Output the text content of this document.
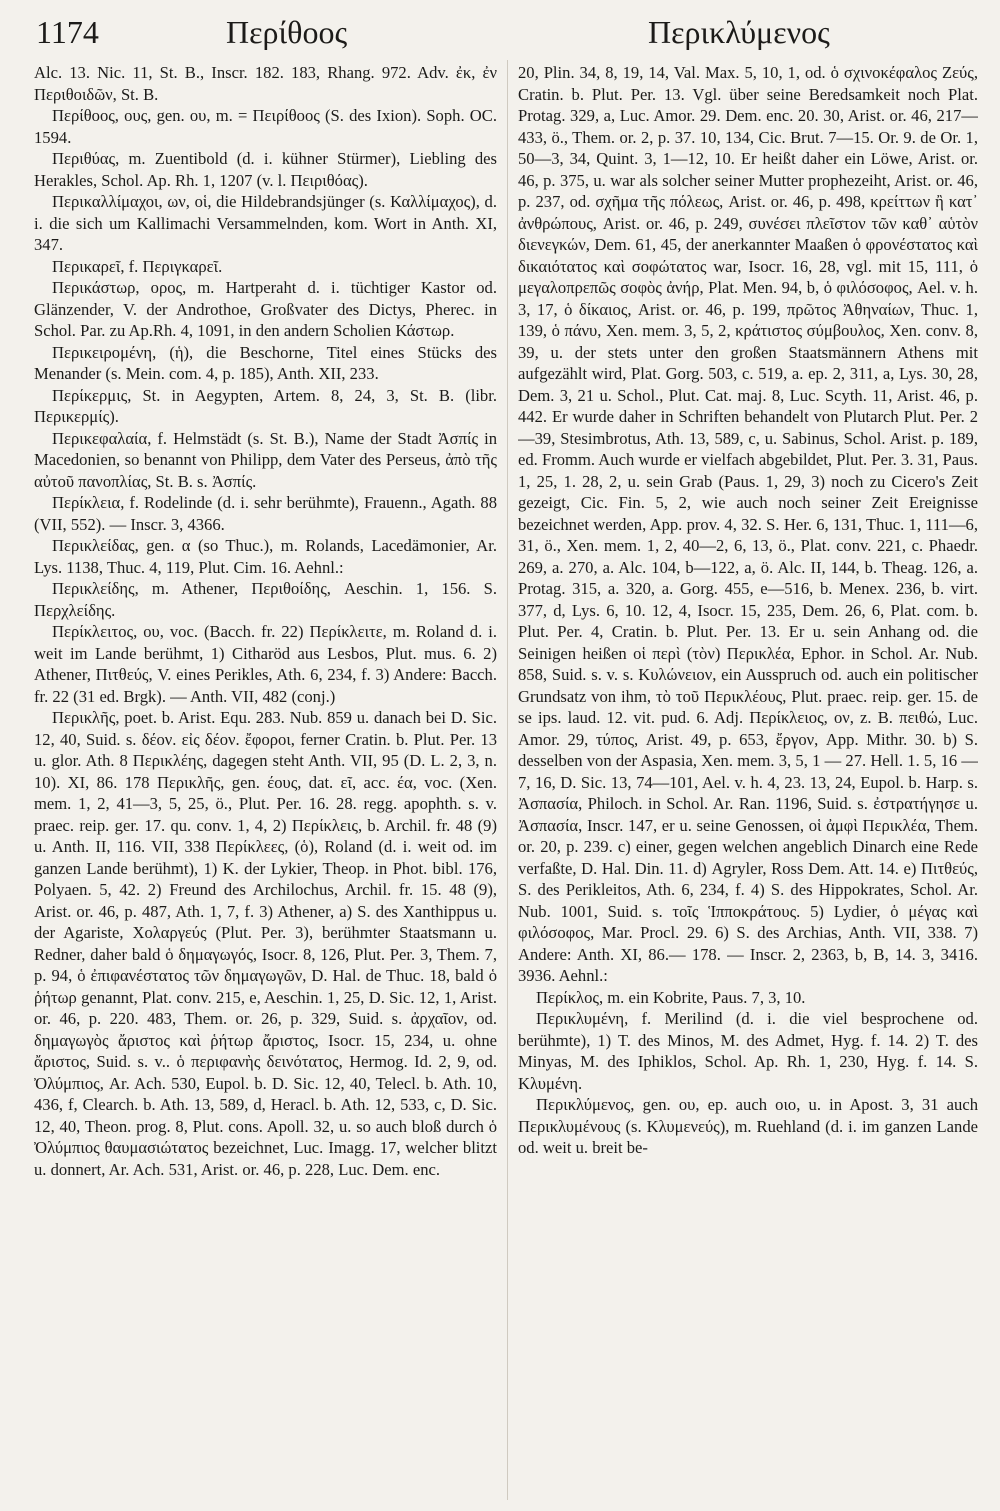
1174	Περίθοος	Περικλύμενος

Alc. 13. Nic. 11, St. B., Inscr. 182. 183, Rhang. 972. Adv. ἐκ, ἐν Περιθοιδῶν, St. B.

Περίθοος, ους, gen. ου, m. = Πειρίθοος (S. des Ixion). Soph. OC. 1594.

Περιθύας, m. Zuentibold (d. i. kühner Stürmer), Liebling des Herakles, Schol. Ap. Rh. 1, 1207 (v. l. Πειριθόας).

Περικαλλίμαχοι, ων, οἱ, die Hildebrandsjünger (s. Καλλίμαχος), d. i. die sich um Kallimachi Versammelnden, kom. Wort in Anth. XI, 347.

Περικαρεῖ, f. Περιγκαρεῖ.

Περικάστωρ, ορος, m. Hartperaht d. i. tüchtiger Kastor od. Glänzender, V. der Androthoe, Großvater des Dictys, Pherec. in Schol. Par. zu Ap.Rh. 4, 1091, in den andern Scholien Κάστωρ.

Περικειρομένη, (ἡ), die Beschorne, Titel eines Stücks des Menander (s. Mein. com. 4, p. 185), Anth. XII, 233.

Περίκερμις, St. in Aegypten, Artem. 8, 24, 3, St. B. (libr. Περικερμίς).

Περικεφαλαία, f. Helmstädt (s. St. B.), Name der Stadt Ἀσπίς in Macedonien, so benannt von Philipp, dem Vater des Perseus, ἀπὸ τῆς αὐτοῦ πανοπλίας, St. B. s. Ἀσπίς.

Περίκλεια, f. Rodelinde (d. i. sehr berühmte), Frauenn., Agath. 88 (VII, 552). — Inscr. 3, 4366.

Περικλείδας, gen. α (so Thuc.), m. Rolands, Lacedämonier, Ar. Lys. 1138, Thuc. 4, 119, Plut. Cim. 16. Aehnl.:

Περικλείδης, m. Athener, Περιθοίδης, Aeschin. 1, 156. S. Περχλείδης.

Περίκλειτος, ου, voc. (Bacch. fr. 22) Περίκλειτε, m. Roland d. i. weit im Lande berühmt, 1) Citharöd aus Lesbos, Plut. mus. 6. 2) Athener, Πιτθεύς, V. eines Perikles, Ath. 6, 234, f. 3) Andere: Bacch. fr. 22 (31 ed. Brgk). — Anth. VII, 482 (conj.)

Περικλῆς, poet. b. Arist. Equ. 283. Nub. 859 u. danach bei D. Sic. 12, 40, Suid. s. δέον. εἰς δέον. ἔφοροι, ferner Cratin. b. Plut. Per. 13 u. glor. Ath. 8 Περικλέης, dagegen steht Anth. VII, 95 (D. L. 2, 3, n. 10). XI, 86. 178 Περικλῆς, gen. έους, dat. εῖ, acc. έα, voc. (Xen. mem. 1, 2, 41—3, 5, 25, ö., Plut. Per. 16. 28. regg. apophth. s. v. praec. reip. ger. 17. qu. conv. 1, 4, 2) Περίκλεις, b. Archil. fr. 48 (9) u. Anth. II, 116. VII, 338 Περίκλεες, (ὁ), Roland (d. i. weit od. im ganzen Lande berühmt), 1) K. der Lykier, Theop. in Phot. bibl. 176, Polyaen. 5, 42. 2) Freund des Archilochus, Archil. fr. 15. 48 (9), Arist. or. 46, p. 487, Ath. 1, 7, f. 3) Athener, a) S. des Xanthippus u. der Agariste, Χολαργεύς (Plut. Per. 3), berühmter Staatsmann u. Redner, daher bald ὁ δημαγωγός, Isocr. 8, 126, Plut. Per. 3, Them. 7, p. 94, ὁ ἐπιφανέστατος τῶν δημαγωγῶν, D. Hal. de Thuc. 18, bald ὁ ῥήτωρ genannt, Plat. conv. 215, e, Aeschin. 1, 25, D. Sic. 12, 1, Arist. or. 46, p. 220. 483, Them. or. 26, p. 329, Suid. s. ἀρχαῖον, od. δημαγωγὸς ἄριστος καὶ ῥήτωρ ἄριστος, Isocr. 15, 234, u. ohne ἄριστος, Suid. s. v.. ὁ περιφανὴς δεινότατος, Hermog. Id. 2, 9, od. Ὀλύμπιος, Ar. Ach. 530, Eupol. b. D. Sic. 12, 40, Telecl. b. Ath. 10, 436, f, Clearch. b. Ath. 13, 589, d, Heracl. b. Ath. 12, 533, c, D. Sic. 12, 40, Theon. prog. 8, Plut. cons. Apoll. 32, u. so auch bloß durch ὁ Ὀλύμπιος θαυμασιώτατος bezeichnet, Luc. Imagg. 17, welcher blitzt u. donnert, Ar. Ach. 531, Arist. or. 46, p. 228, Luc. Dem. enc.

20, Plin. 34, 8, 19, 14, Val. Max. 5, 10, 1, od. ὁ σχινοκέφαλος Ζεύς, Cratin. b. Plut. Per. 13. Vgl. über seine Beredsamkeit noch Plat. Protag. 329, a, Luc. Amor. 29. Dem. enc. 20. 30, Arist. or. 46, 217—433, ö., Them. or. 2, p. 37. 10, 134, Cic. Brut. 7—15. Or. 9. de Or. 1, 50—3, 34, Quint. 3, 1—12, 10. Er heißt daher ein Löwe, Arist. or. 46, p. 375, u. war als solcher seiner Mutter prophezeiht, Arist. or. 46, p. 237, od. σχῆμα τῆς πόλεως, Arist. or. 46, p. 498, κρείττων ἢ κατ᾽ ἀνθρώπους, Arist. or. 46, p. 249, συνέσει πλεῖστον τῶν καθ᾽ αὑτὸν διενεγκών, Dem. 61, 45, der anerkannter Maaßen ὁ φρονέστατος καὶ δικαιότατος καὶ σοφώτατος war, Isocr. 16, 28, vgl. mit 15, 111, ὁ μεγαλοπρεπῶς σοφὸς ἀνήρ, Plat. Men. 94, b, ὁ φιλόσοφος, Ael. v. h. 3, 17, ὁ δίκαιος, Arist. or. 46, p. 199, πρῶτος Ἀθηναίων, Thuc. 1, 139, ὁ πάνυ, Xen. mem. 3, 5, 2, κράτιστος σύμβουλος, Xen. conv. 8, 39, u. der stets unter den großen Staatsmännern Athens mit aufgezählt wird, Plat. Gorg. 503, c. 519, a. ep. 2, 311, a, Lys. 30, 28, Dem. 3, 21 u. Schol., Plut. Cat. maj. 8, Luc. Scyth. 11, Arist. 46, p. 442. Er wurde daher in Schriften behandelt von Plutarch Plut. Per. 2—39, Stesimbrotus, Ath. 13, 589, c, u. Sabinus, Schol. Arist. p. 189, ed. Fromm. Auch wurde er vielfach abgebildet, Plut. Per. 3. 31, Paus. 1, 25, 1. 28, 2, u. sein Grab (Paus. 1, 29, 3) noch zu Cicero's Zeit gezeigt, Cic. Fin. 5, 2, wie auch noch seiner Zeit Ereignisse bezeichnet werden, App. prov. 4, 32. S. Her. 6, 131, Thuc. 1, 111—6, 31, ö., Xen. mem. 1, 2, 40—2, 6, 13, ö., Plat. conv. 221, c. Phaedr. 269, a. 270, a. Alc. 104, b—122, a, ö. Alc. II, 144, b. Theag. 126, a. Protag. 315, a. 320, a. Gorg. 455, e—516, b. Menex. 236, b. virt. 377, d, Lys. 6, 10. 12, 4, Isocr. 15, 235, Dem. 26, 6, Plat. com. b. Plut. Per. 4, Cratin. b. Plut. Per. 13. Er u. sein Anhang od. die Seinigen heißen οἱ περὶ (τὸν) Περικλέα, Ephor. in Schol. Ar. Nub. 858, Suid. s. v. s. Κυλώνειον, ein Ausspruch od. auch ein politischer Grundsatz von ihm, τὸ τοῦ Περικλέους, Plut. praec. reip. ger. 15. de se ips. laud. 12. vit. pud. 6. Adj. Περίκλειος, ον, z. B. πειθώ, Luc. Amor. 29, τύπος, Arist. 49, p. 653, ἔργον, App. Mithr. 30. b) S. desselben von der Aspasia, Xen. mem. 3, 5, 1 — 27. Hell. 1. 5, 16 — 7, 16, D. Sic. 13, 74—101, Ael. v. h. 4, 23. 13, 24, Eupol. b. Harp. s. Ἀσπασία, Philoch. in Schol. Ar. Ran. 1196, Suid. s. ἐστρατήγησε u. Ἀσπασία, Inscr. 147, er u. seine Genossen, οἱ ἀμφὶ Περικλέα, Them. or. 20, p. 239. c) einer, gegen welchen angeblich Dinarch eine Rede verfaßte, D. Hal. Din. 11. d) Agryler, Ross Dem. Att. 14. e) Πιτθεύς, S. des Perikleitos, Ath. 6, 234, f. 4) S. des Hippokrates, Schol. Ar. Nub. 1001, Suid. s. τοῖς Ἱπποκράτους. 5) Lydier, ὁ μέγας καὶ φιλόσοφος, Mar. Procl. 29. 6) S. des Archias, Anth. VII, 338. 7) Andere: Anth. XI, 86.— 178. — Inscr. 2, 2363, b, B, 14. 3, 3416. 3936. Aehnl.:

Περίκλος, m. ein Kobrite, Paus. 7, 3, 10.

Περικλυμένη, f. Merilind (d. i. die viel besprochene od. berühmte), 1) T. des Minos, M. des Admet, Hyg. f. 14. 2) T. des Minyas, M. des Iphiklos, Schol. Ap. Rh. 1, 230, Hyg. f. 14. S. Κλυμένη.

Περικλύμενος, gen. ου, ep. auch οιο, u. in Apost. 3, 31 auch Περικλυμένους (s. Κλυμενεύς), m. Ruehland (d. i. im ganzen Lande od. weit u. breit be-
